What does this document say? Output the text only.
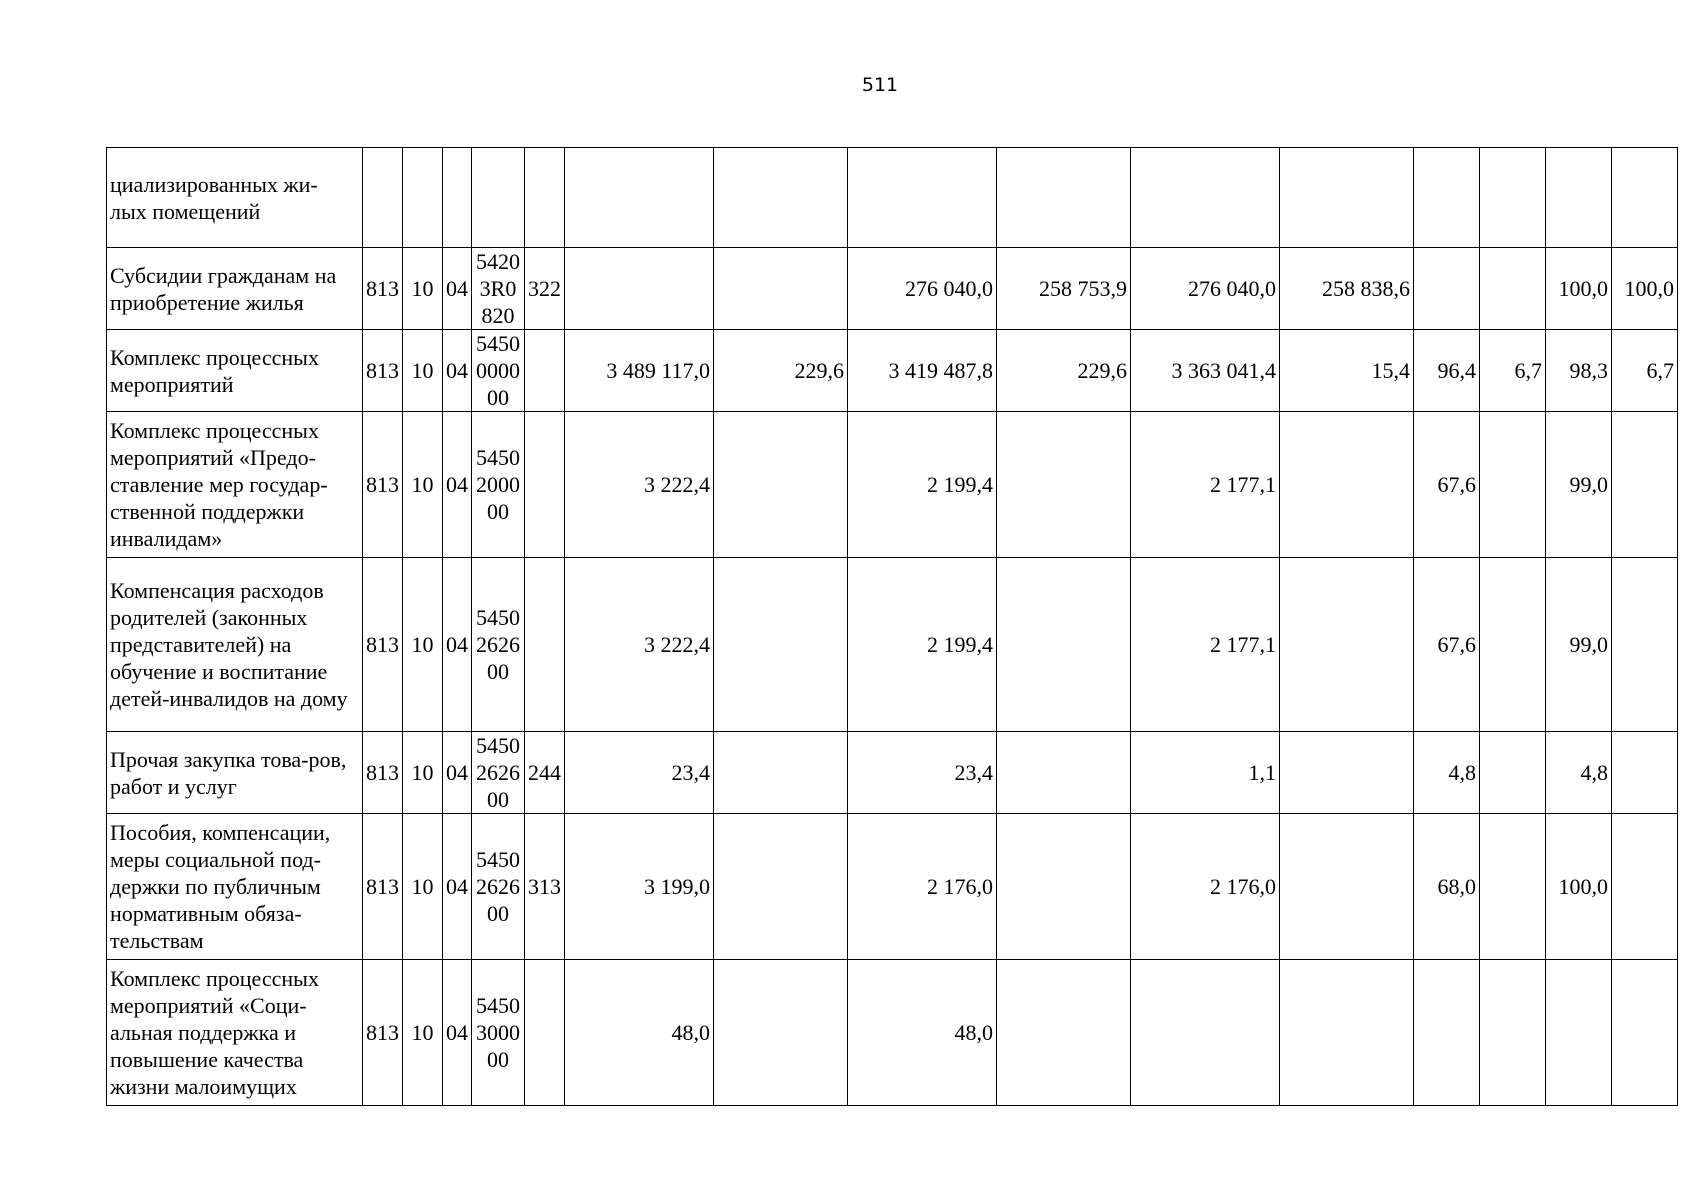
511
циализированных жи-
лых помещений															
Субсидии гражданам на приобретение жилья	813	10	04	54203R0820	322			276 040,0	258 753,9	276 040,0	258 838,6			100,0	100,0
Комплекс процессных мероприятий	813	10	04	5450000000		3 489 117,0	229,6	3 419 487,8	229,6	3 363 041,4	15,4	96,4	6,7	98,3	6,7
Комплекс процессных мероприятий «Предо-ставление мер государ-ственной поддержки инвалидам»	813	10	04	5450200000		3 222,4		2 199,4		2 177,1		67,6		99,0	
Компенсация расходов родителей (законных представителей) на обучение и воспитание детей-инвалидов на дому	813	10	04	5450262600		3 222,4		2 199,4		2 177,1		67,6		99,0	
Прочая закупка това-ров, работ и услуг	813	10	04	5450262600	244	23,4		23,4		1,1		4,8		4,8	
Пособия, компенсации, меры социальной под-держки по публичным нормативным обяза-тельствам	813	10	04	5450262600	313	3 199,0		2 176,0		2 176,0		68,0		100,0	
Комплекс процессных мероприятий «Соци-альная поддержка и повышение качества жизни малоимущих	813	10	04	5450300000		48,0		48,0							
